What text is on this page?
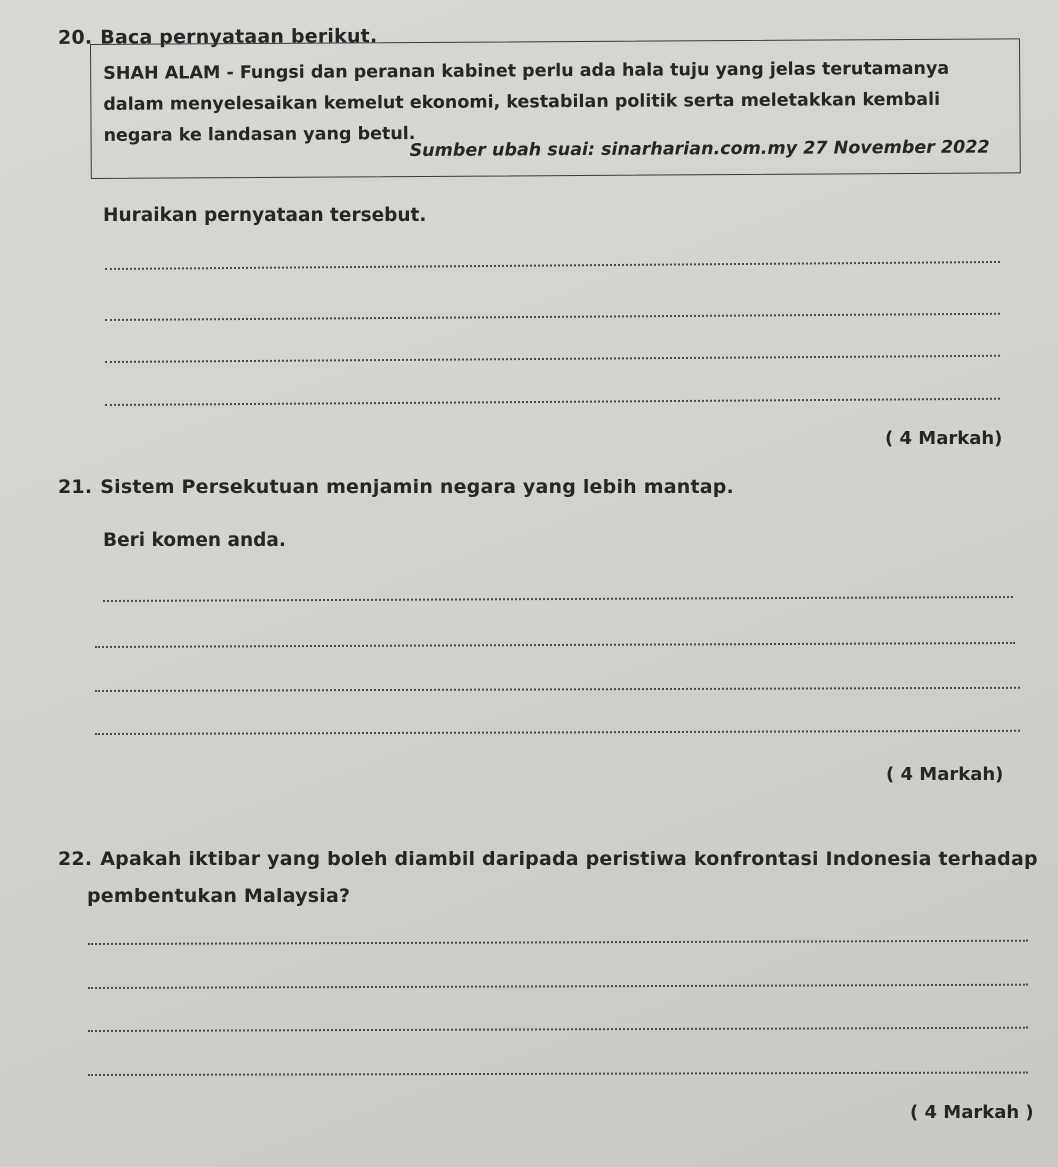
20. Baca pernyataan berikut.
SHAH ALAM - Fungsi dan peranan kabinet perlu ada hala tuju yang jelas terutamanya dalam menyelesaikan kemelut ekonomi, kestabilan politik serta meletakkan kembali negara ke landasan yang betul.
Sumber ubah suai: sinarharian.com.my 27 November 2022
Huraikan pernyataan tersebut.
( 4 Markah)
21. Sistem Persekutuan menjamin negara yang lebih mantap.
Beri komen anda.
( 4 Markah)
22. Apakah iktibar yang boleh diambil daripada peristiwa konfrontasi Indonesia terhadap
pembentukan Malaysia?
( 4 Markah )
